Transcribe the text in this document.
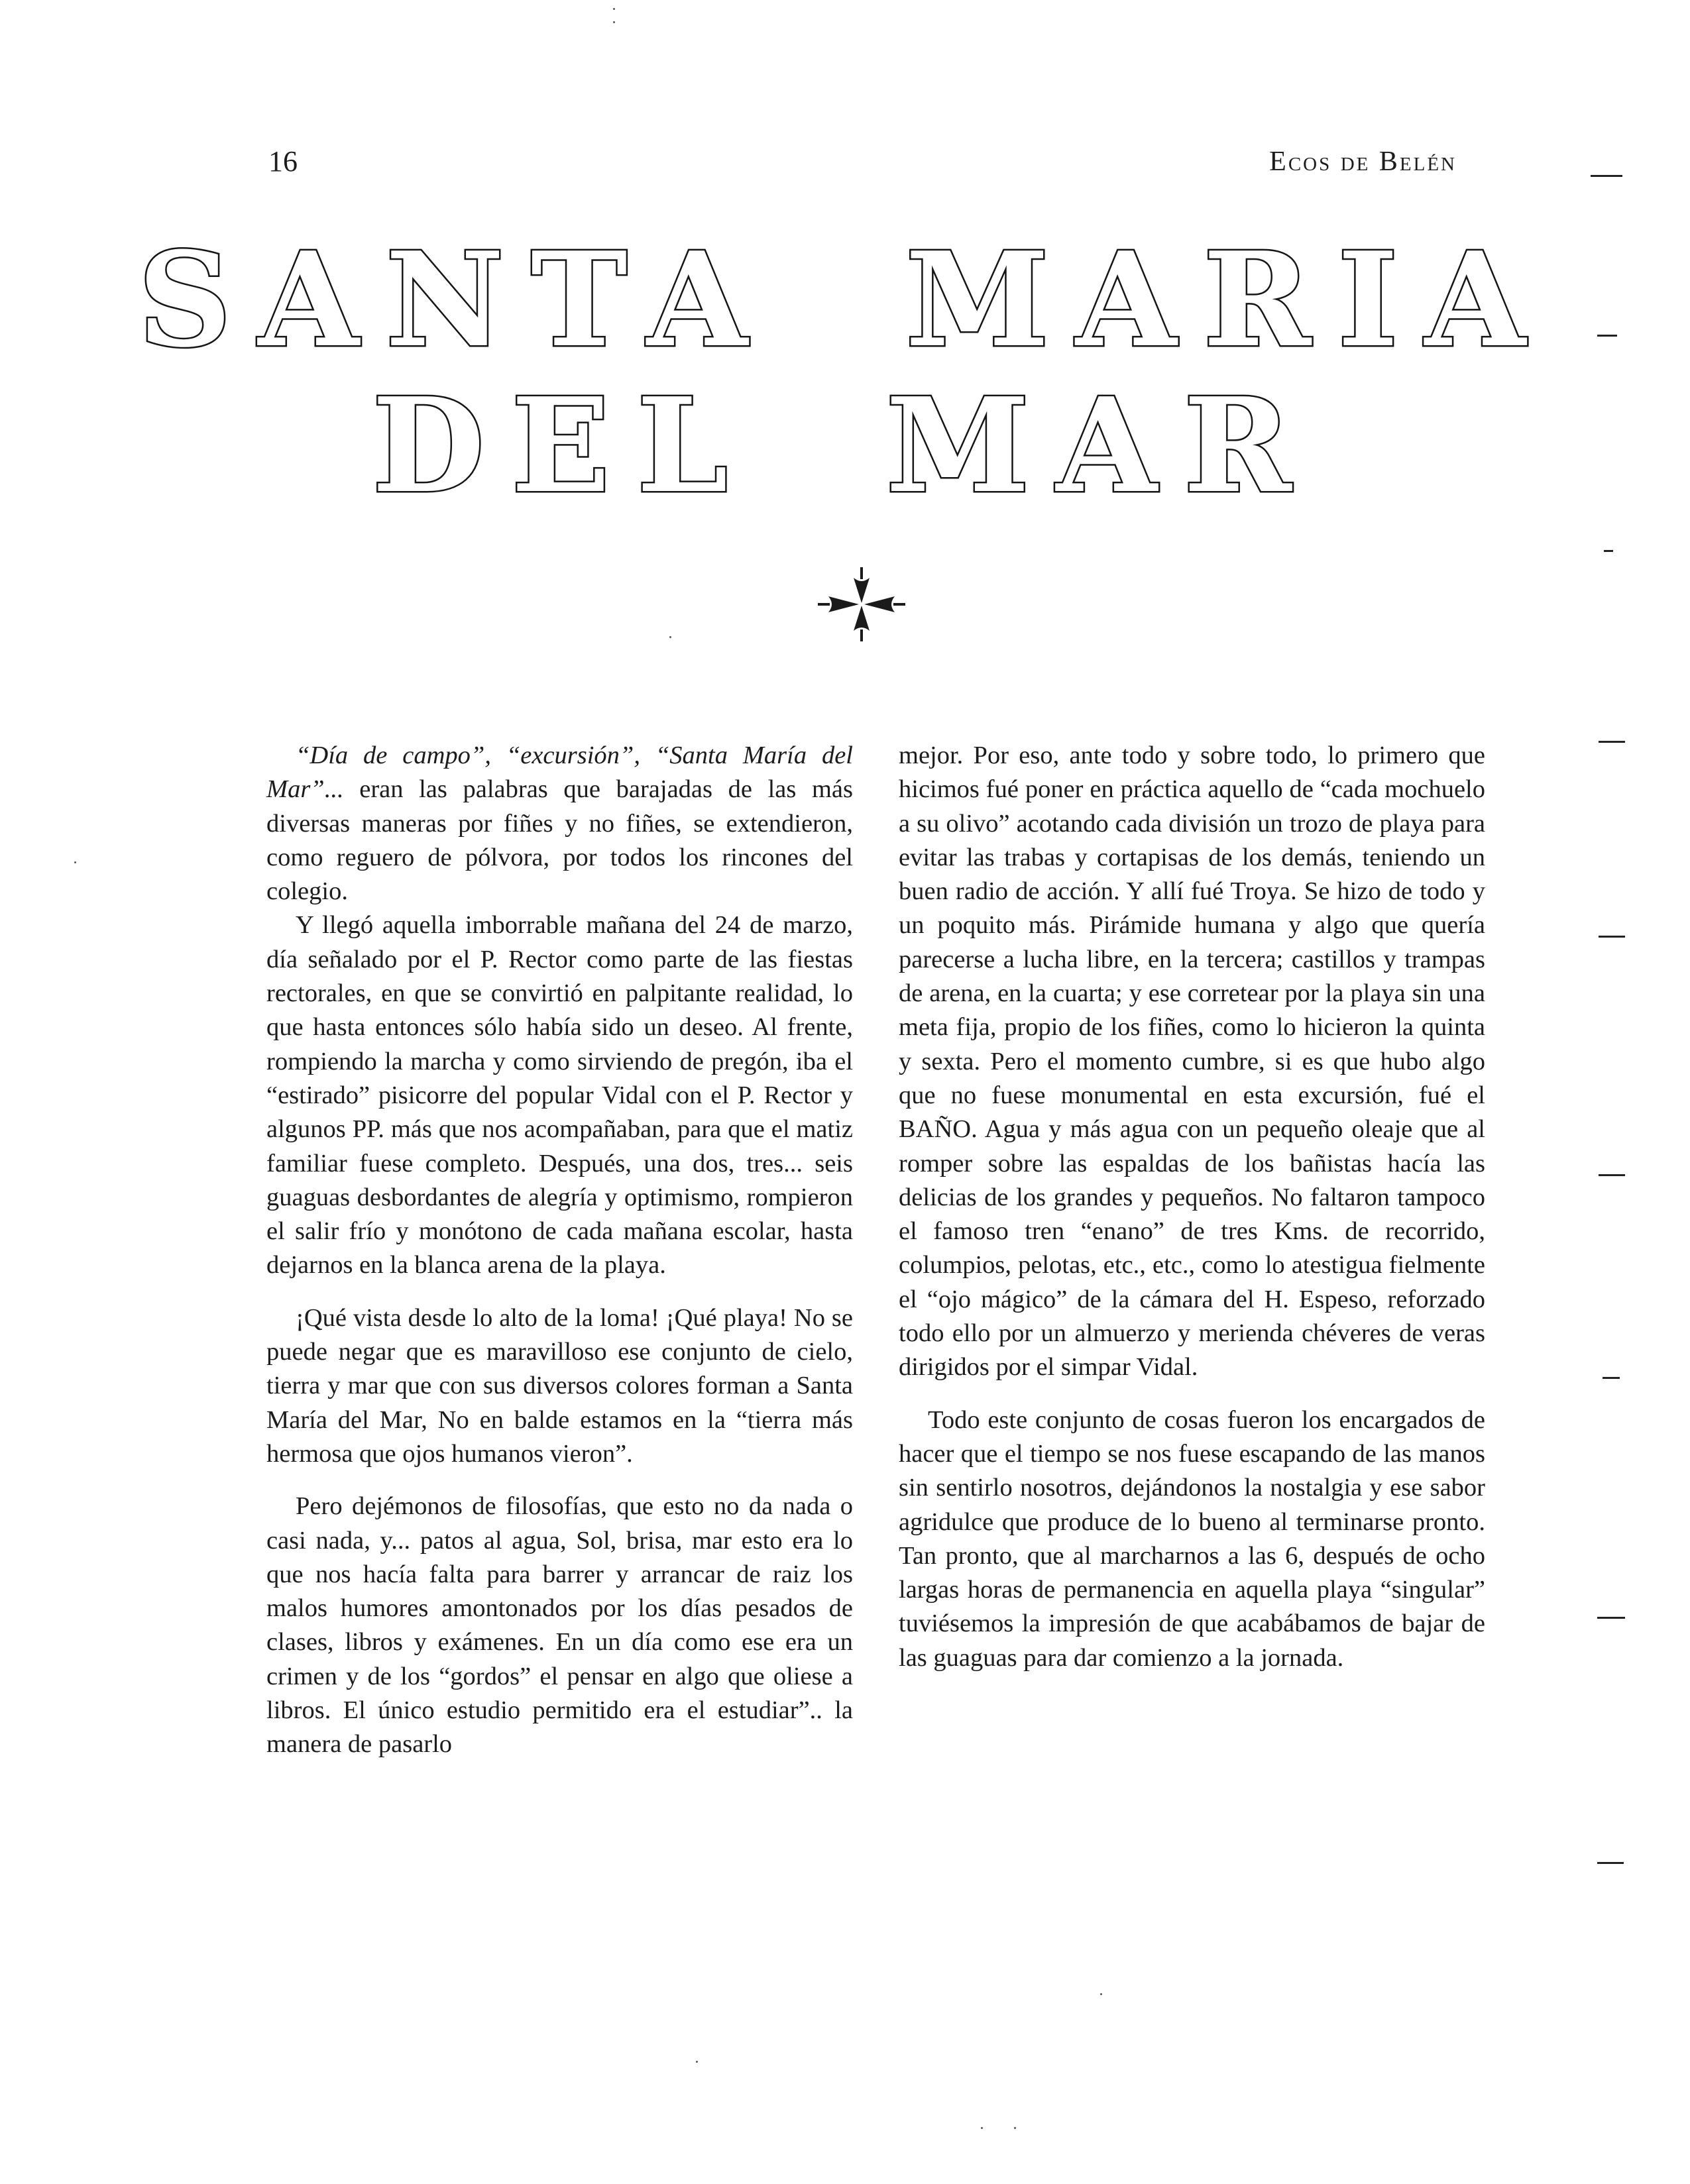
16	Ecos de Belén
SANTA MARIA
DEL MAR

“Día de campo”, “excursión”, “Santa María del Mar”... eran las palabras que barajadas de las más diversas maneras por fiñes y no fiñes, se extendieron, como reguero de pólvora, por todos los rincones del colegio.

Y llegó aquella imborrable mañana del 24 de marzo, día señalado por el P. Rector como parte de las fiestas rectorales, en que se convirtió en palpitante realidad, lo que hasta entonces sólo había sido un deseo. Al frente, rompiendo la marcha y como sirviendo de pregón, iba el “estirado” pisicorre del popular Vidal con el P. Rector y algunos PP. más que nos acompañaban, para que el matiz familiar fuese completo. Después, una dos, tres... seis guaguas desbordantes de alegría y optimismo, rompieron el salir frío y monótono de cada mañana escolar, hasta dejarnos en la blanca arena de la playa.

¡Qué vista desde lo alto de la loma! ¡Qué playa! No se puede negar que es maravilloso ese conjunto de cielo, tierra y mar que con sus diversos colores forman a Santa María del Mar, No en balde estamos en la “tierra más hermosa que ojos humanos vieron”.

Pero dejémonos de filosofías, que esto no da nada o casi nada, y... patos al agua, Sol, brisa, mar esto era lo que nos hacía falta para barrer y arrancar de raiz los malos humores amontonados por los días pesados de clases, libros y exámenes. En un día como ese era un crimen y de los “gordos” el pensar en algo que oliese a libros. El único estudio permitido era el estudiar”.. la manera de pasarlo

mejor. Por eso, ante todo y sobre todo, lo primero que hicimos fué poner en práctica aquello de “cada mochuelo a su olivo” acotando cada división un trozo de playa para evitar las trabas y cortapisas de los demás, teniendo un buen radio de acción. Y allí fué Troya. Se hizo de todo y un poquito más. Pirámide humana y algo que quería parecerse a lucha libre, en la tercera; castillos y trampas de arena, en la cuarta; y ese corretear por la playa sin una meta fija, propio de los fiñes, como lo hicieron la quinta y sexta. Pero el momento cumbre, si es que hubo algo que no fuese monumental en esta excursión, fué el BAÑO. Agua y más agua con un pequeño oleaje que al romper sobre las espaldas de los bañistas hacía las delicias de los grandes y pequeños. No faltaron tampoco el famoso tren “enano” de tres Kms. de recorrido, columpios, pelotas, etc., etc., como lo atestigua fielmente el “ojo mágico” de la cámara del H. Espeso, reforzado todo ello por un almuerzo y merienda chéveres de veras dirigidos por el simpar Vidal.

Todo este conjunto de cosas fueron los encargados de hacer que el tiempo se nos fuese escapando de las manos sin sentirlo nosotros, dejándonos la nostalgia y ese sabor agridulce que produce de lo bueno al terminarse pronto. Tan pronto, que al marcharnos a las 6, después de ocho largas horas de permanencia en aquella playa “singular” tuviésemos la impresión de que acabábamos de bajar de las guaguas para dar comienzo a la jornada.
